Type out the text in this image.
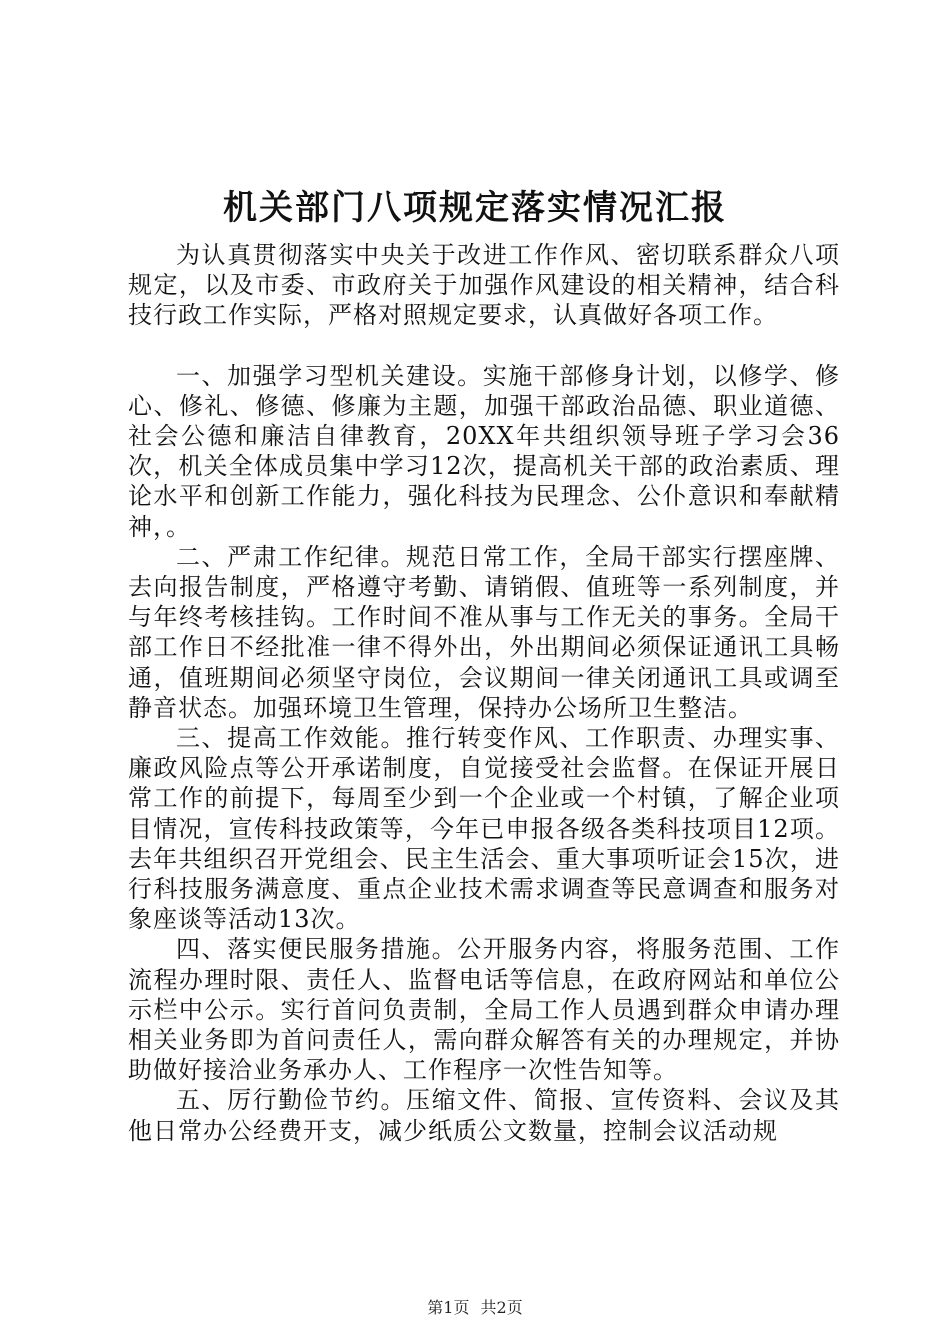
机关部门八项规定落实情况汇报

为认真贯彻落实中央关于改进工作作风、密切联系群众八项规定，以及市委、市政府关于加强作风建设的相关精神，结合科技行政工作实际，严格对照规定要求，认真做好各项工作。

一、加强学习型机关建设。实施干部修身计划，以修学、修心、修礼、修德、修廉为主题，加强干部政治品德、职业道德、社会公德和廉洁自律教育，20XX年共组织领导班子学习会36次，机关全体成员集中学习12次，提高机关干部的政治素质、理论水平和创新工作能力，强化科技为民理念、公仆意识和奉献精神，。

二、严肃工作纪律。规范日常工作，全局干部实行摆座牌、去向报告制度，严格遵守考勤、请销假、值班等一系列制度，并与年终考核挂钩。工作时间不准从事与工作无关的事务。全局干部工作日不经批准一律不得外出，外出期间必须保证通讯工具畅通，值班期间必须坚守岗位，会议期间一律关闭通讯工具或调至静音状态。加强环境卫生管理，保持办公场所卫生整洁。

三、提高工作效能。推行转变作风、工作职责、办理实事、廉政风险点等公开承诺制度，自觉接受社会监督。在保证开展日常工作的前提下，每周至少到一个企业或一个村镇，了解企业项目情况，宣传科技政策等，今年已申报各级各类科技项目12项。去年共组织召开党组会、民主生活会、重大事项听证会15次，进行科技服务满意度、重点企业技术需求调查等民意调查和服务对象座谈等活动13次。

四、落实便民服务措施。公开服务内容，将服务范围、工作流程办理时限、责任人、监督电话等信息，在政府网站和单位公示栏中公示。实行首问负责制，全局工作人员遇到群众申请办理相关业务即为首问责任人，需向群众解答有关的办理规定，并协助做好接洽业务承办人、工作程序一次性告知等。

五、厉行勤俭节约。压缩文件、简报、宣传资料、会议及其他日常办公经费开支，减少纸质公文数量，控制会议活动规

第1页 共2页
